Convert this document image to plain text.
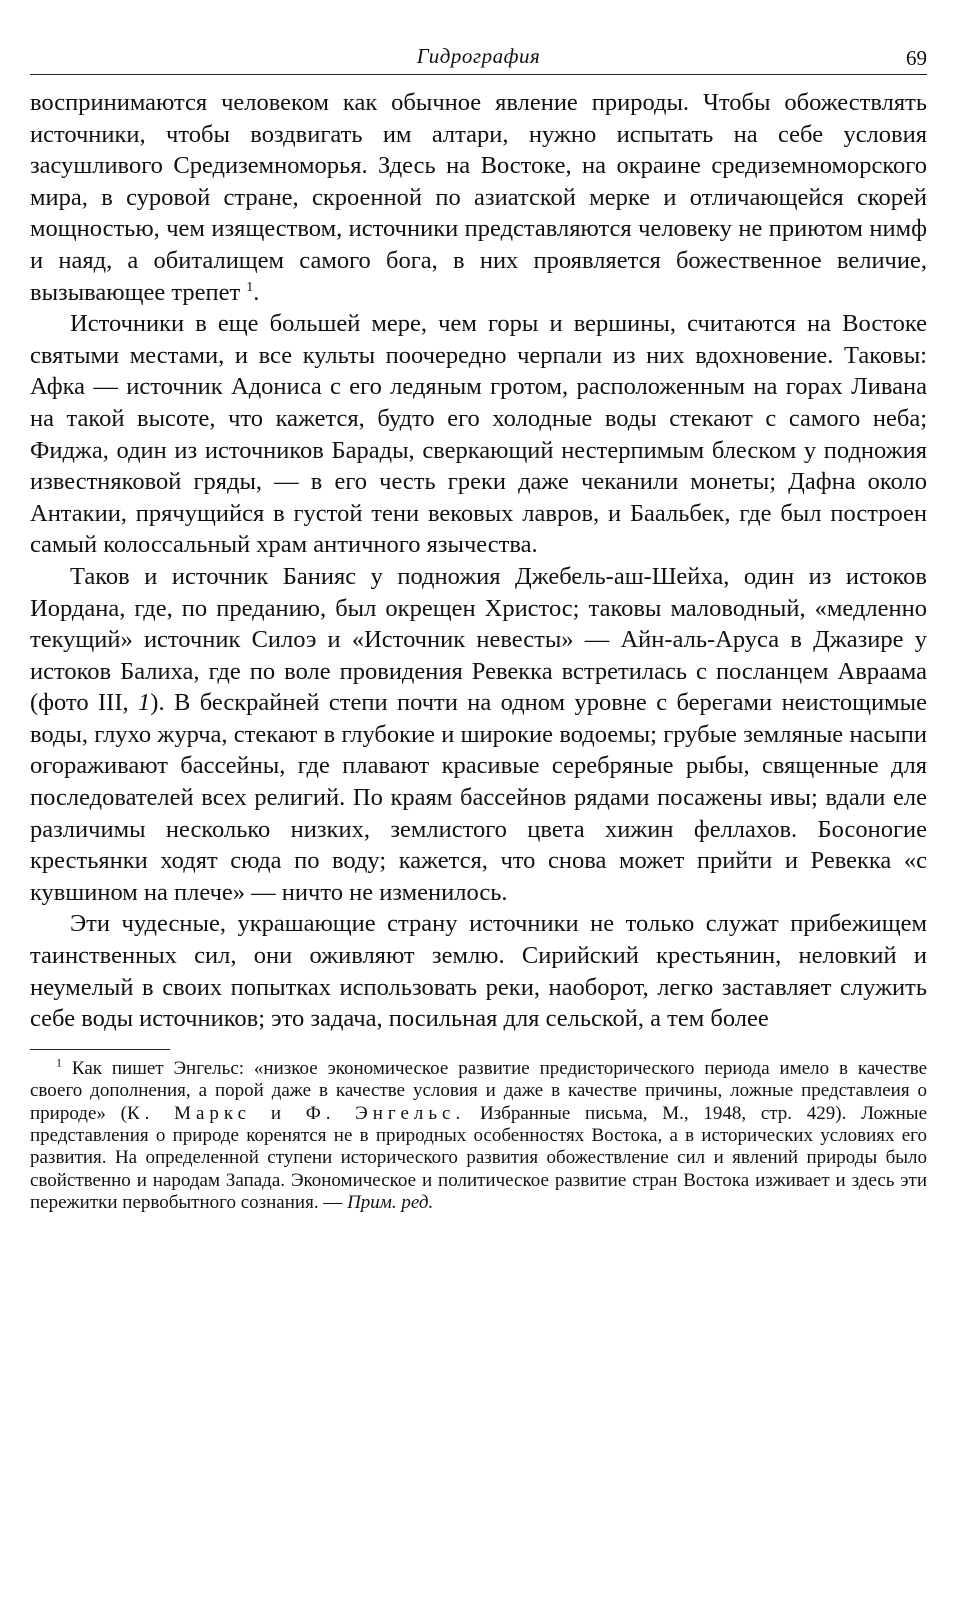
Гидрография	69

воспринимаются человеком как обычное явление природы. Чтобы обожествлять источники, чтобы воздвигать им алтари, нужно испытать на себе условия засушливого Средиземноморья. Здесь на Востоке, на окраине средиземноморского мира, в суровой стране, скроенной по азиатской мерке и отличающейся скорей мощностью, чем изяществом, источники представляются человеку не приютом нимф и наяд, а обиталищем самого бога, в них проявляется божественное величие, вызывающее трепет $^1$.

Источники в еще большей мере, чем горы и вершины, считаются на Востоке святыми местами, и все культы поочередно черпали из них вдохновение. Таковы: Афка — источник Адониса с его ледяным гротом, расположенным на горах Ливана на такой высоте, что кажется, будто его холодные воды стекают с самого неба; Фиджа, один из источников Барады, сверкающий нестерпимым блеском у подножия известняковой гряды, — в его честь греки даже чеканили монеты; Дафна около Антакии, прячущийся в густой тени вековых лавров, и Баальбек, где был построен самый колоссальный храм античного язычества.

Таков и источник Банияс у подножия Джебель-аш-Шейха, один из истоков Иордана, где, по преданию, был окрещен Христос; таковы маловодный, «медленно текущий» источник Силоэ и «Источник невесты» — Айн-аль-Аруса в Джазире у истоков Балиха, где по воле провидения Ревекка встретилась с посланцем Авраама (фото III, 1). В бескрайней степи почти на одном уровне с берегами неистощимые воды, глухо журча, стекают в глубокие и широкие водоемы; грубые земляные насыпи огораживают бассейны, где плавают красивые серебряные рыбы, священные для последователей всех религий. По краям бассейнов рядами посажены ивы; вдали еле различимы несколько низких, землистого цвета хижин феллахов. Босоногие крестьянки ходят сюда по воду; кажется, что снова может прийти и Ревекка «с кувшином на плече» — ничто не изменилось.

Эти чудесные, украшающие страну источники не только служат прибежищем таинственных сил, они оживляют землю. Сирийский крестьянин, неловкий и неумелый в своих попытках использовать реки, наоборот, легко заставляет служить себе воды источников; это задача, посильная для сельской, а тем более

$^1$ Как пишет Энгельс: «низкое экономическое развитие предисторического периода имело в качестве своего дополнения, а порой даже в качестве условия и даже в качестве причины, ложные представлеия о природе» (К. Маркс и Ф. Энгельс. Избранные письма, М., 1948, стр. 429). Ложные представления о природе коренятся не в природных особенностях Востока, а в исторических условиях его развития. На определенной ступени исторического развития обожествление сил и явлений природы было свойственно и народам Запада. Экономическое и политическое развитие стран Востока изживает и здесь эти пережитки первобытного сознания. — Прим. ред.
